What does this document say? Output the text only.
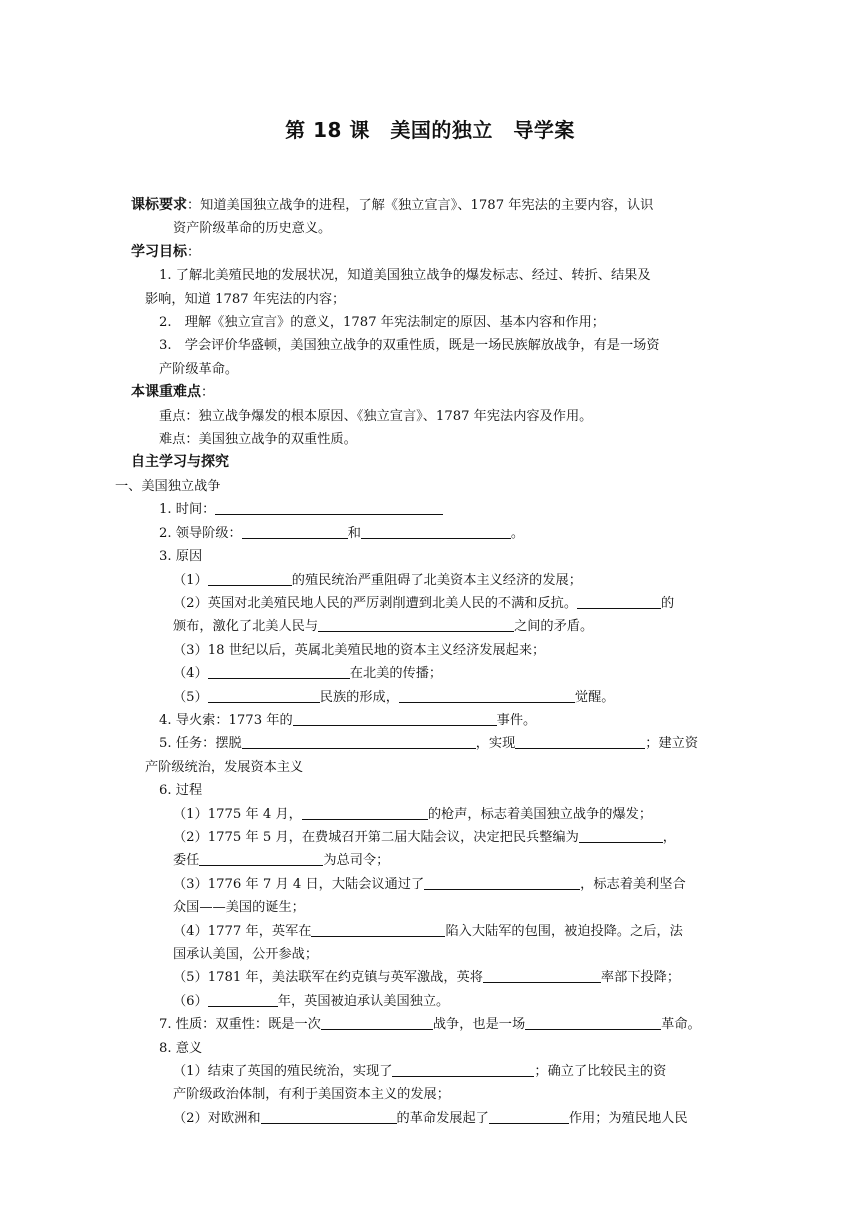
第 18 课　美国的独立　导学案
课标要求：知道美国独立战争的进程，了解《独立宣言》、1787 年宪法的主要内容，认识
资产阶级革命的历史意义。
学习目标：
1. 了解北美殖民地的发展状况，知道美国独立战争的爆发标志、经过、转折、结果及
影响，知道 1787 年宪法的内容；
2.　理解《独立宣言》的意义，1787 年宪法制定的原因、基本内容和作用；
3.　学会评价华盛顿，美国独立战争的双重性质，既是一场民族解放战争，有是一场资
产阶级革命。
本课重难点：
重点：独立战争爆发的根本原因、《独立宣言》、1787 年宪法内容及作用。
难点：美国独立战争的双重性质。
自主学习与探究
一、美国独立战争
1. 时间：
2. 领导阶级：	和	。
3. 原因
（1）	的殖民统治严重阻碍了北美资本主义经济的发展；
（2）英国对北美殖民地人民的严厉剥削遭到北美人民的不满和反抗。	的
颁布，激化了北美人民与	之间的矛盾。
（3）18 世纪以后，英属北美殖民地的资本主义经济发展起来；
（4）	在北美的传播；
（5）	民族的形成，	觉醒。
4. 导火索：1773 年的	事件。
5. 任务：摆脱	，实现	；建立资
产阶级统治，发展资本主义
6. 过程
（1）1775 年 4 月，	的枪声，标志着美国独立战争的爆发；
（2）1775 年 5 月，在费城召开第二届大陆会议，决定把民兵整编为	，
委任	为总司令；
（3）1776 年 7 月 4 日，大陆会议通过了	，标志着美利坚合
众国——美国的诞生；
（4）1777 年，英军在	陷入大陆军的包围，被迫投降。之后，法
国承认美国，公开参战；
（5）1781 年，美法联军在约克镇与英军激战，英将	率部下投降；
（6）	年，英国被迫承认美国独立。
7. 性质：双重性：既是一次	战争，也是一场	革命。
8. 意义
（1）结束了英国的殖民统治，实现了	；确立了比较民主的资
产阶级政治体制，有利于美国资本主义的发展；
（2）对欧洲和	的革命发展起了	作用；为殖民地人民
